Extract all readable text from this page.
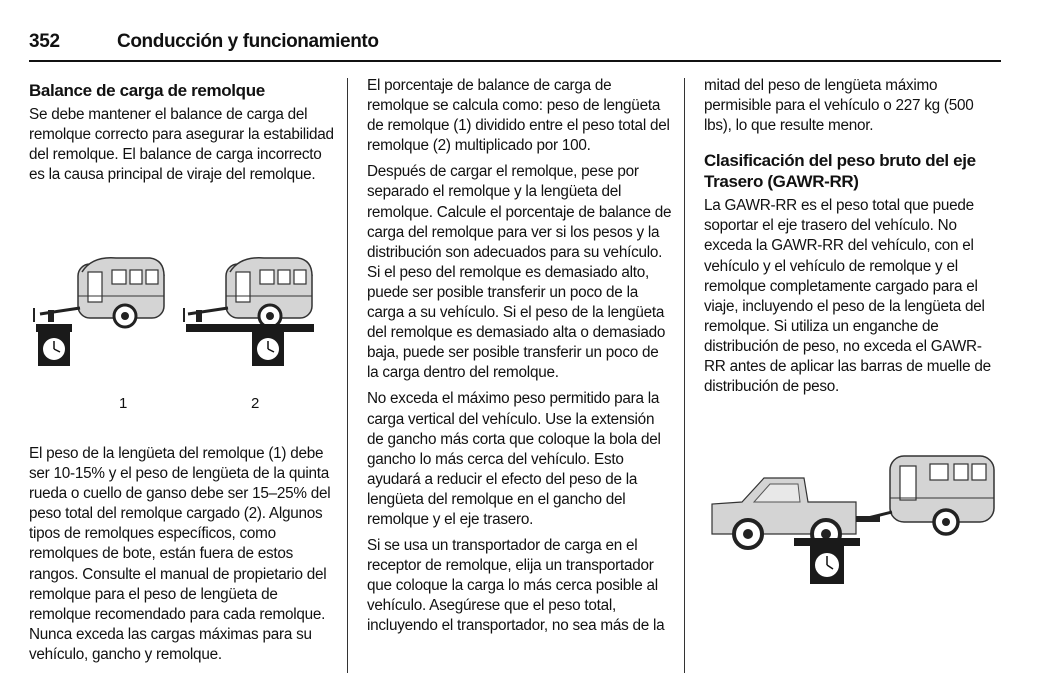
352	Conducción y funcionamiento
Balance de carga de remolque

Se debe mantener el balance de carga del remolque correcto para asegurar la estabilidad del remolque. El balance de carga incorrecto es la causa principal de viraje del remolque.

1	2

El peso de la lengüeta del remolque (1) debe ser 10-15% y el peso de lengüeta de la quinta rueda o cuello de ganso debe ser 15–25% del peso total del remolque cargado (2). Algunos tipos de remolques específicos, como remolques de bote, están fuera de estos rangos. Consulte el manual de propietario del remolque para el peso de lengüeta de remolque recomendado para cada remolque. Nunca exceda las cargas máximas para su vehículo, gancho y remolque.

El porcentaje de balance de carga de remolque se calcula como: peso de lengüeta de remolque (1) dividido entre el peso total del remolque (2) multiplicado por 100.

Después de cargar el remolque, pese por separado el remolque y la lengüeta del remolque. Calcule el porcentaje de balance de carga del remolque para ver si los pesos y la distribución son adecuados para su vehículo. Si el peso del remolque es demasiado alto, puede ser posible transferir un poco de la carga a su vehículo. Si el peso de la lengüeta del remolque es demasiado alta o demasiado baja, puede ser posible transferir un poco de la carga dentro del remolque.

No exceda el máximo peso permitido para la carga vertical del vehículo. Use la extensión de gancho más corta que coloque la bola del gancho lo más cerca del vehículo. Esto ayudará a reducir el efecto del peso de la lengüeta del remolque en el gancho del remolque y el eje trasero.

Si se usa un transportador de carga en el receptor de remolque, elija un transportador que coloque la carga lo más cerca posible al vehículo. Asegúrese que el peso total, incluyendo el transportador, no sea más de la

mitad del peso de lengüeta máximo permisible para el vehículo o 227 kg (500 lbs), lo que resulte menor.

Clasificación del peso bruto del eje Trasero (GAWR-RR)

La GAWR-RR es el peso total que puede soportar el eje trasero del vehículo. No exceda la GAWR-RR del vehículo, con el vehículo y el vehículo de remolque y el remolque completamente cargado para el viaje, incluyendo el peso de la lengüeta del remolque. Si utiliza un enganche de distribución de peso, no exceda el GAWR-RR antes de aplicar las barras de muelle de distribución de peso.
